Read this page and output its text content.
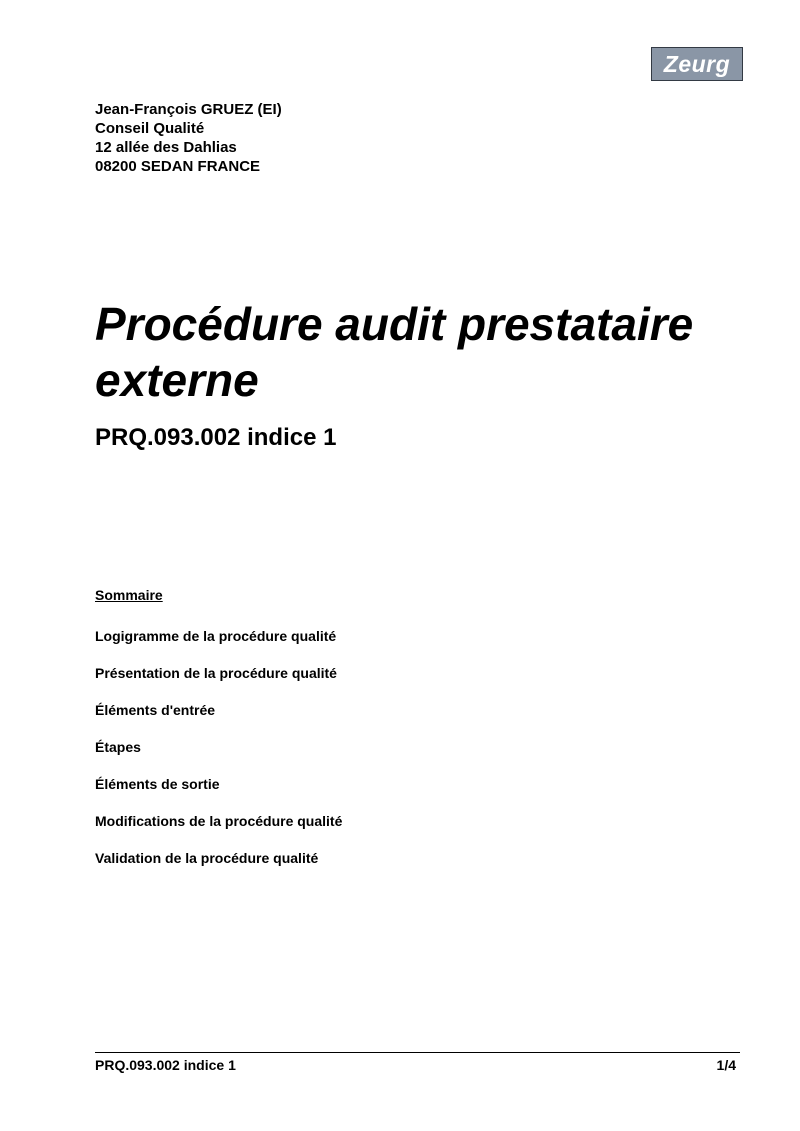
Zeurg
Jean-François GRUEZ (EI)
Conseil Qualité
12 allée des Dahlias
08200 SEDAN FRANCE
Procédure audit prestataire externe
PRQ.093.002 indice 1
Sommaire
Logigramme de la procédure qualité
Présentation de la procédure qualité
Éléments d'entrée
Étapes
Éléments de sortie
Modifications de la procédure qualité
Validation de la procédure qualité
PRQ.093.002 indice 1	1/4
